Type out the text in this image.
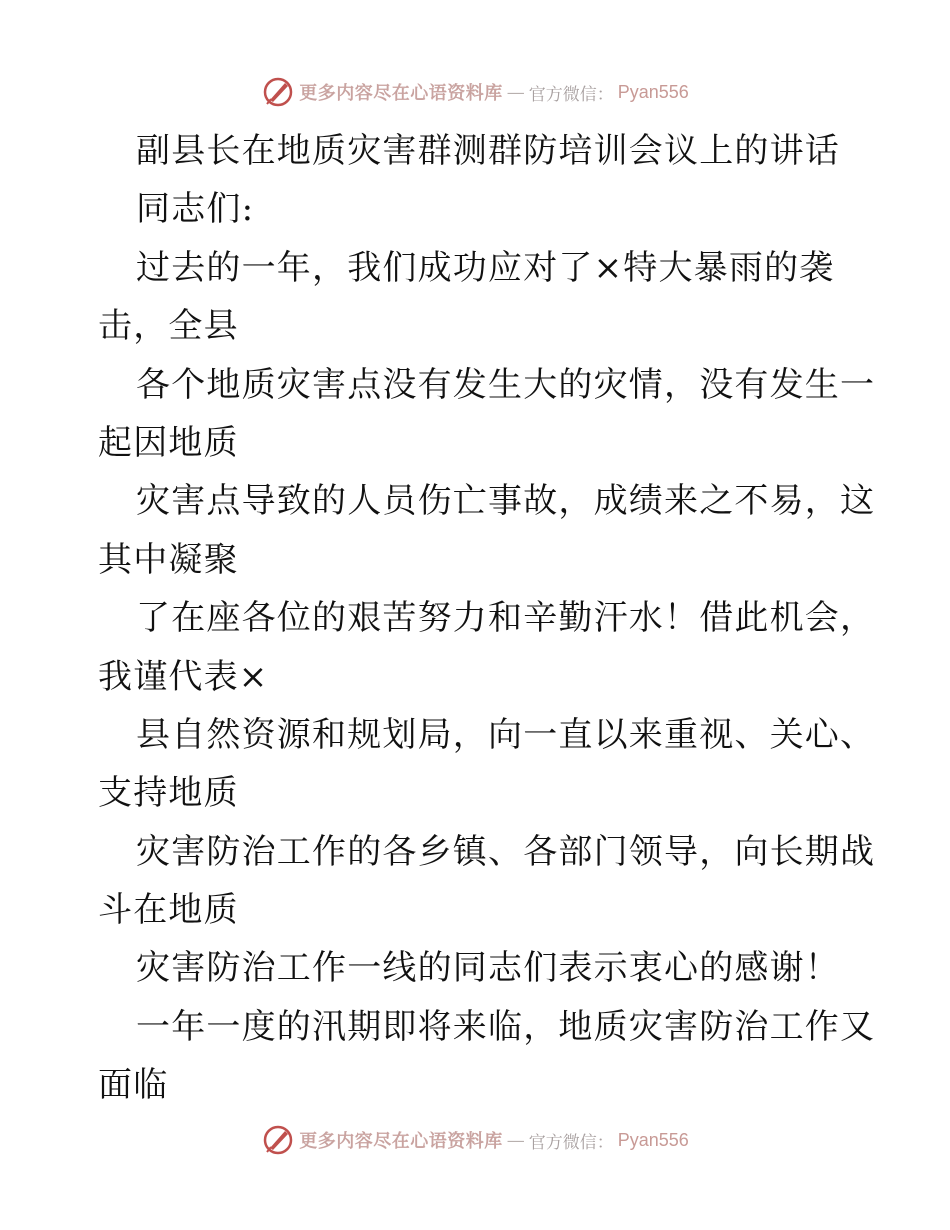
更多内容尽在心语资料库 — 官方微信： Pyan556
副县长在地质灾害群测群防培训会议上的讲话
同志们:
过去的一年，我们成功应对了×特大暴雨的袭
击，全县
各个地质灾害点没有发生大的灾情，没有发生一
起因地质
灾害点导致的人员伤亡事故，成绩来之不易，这
其中凝聚
了在座各位的艰苦努力和辛勤汗水！借此机会，
我谨代表×
县自然资源和规划局，向一直以来重视、关心、
支持地质
灾害防治工作的各乡镇、各部门领导，向长期战
斗在地质
灾害防治工作一线的同志们表示衷心的感谢！
一年一度的汛期即将来临，地质灾害防治工作又
面临
更多内容尽在心语资料库 — 官方微信： Pyan556
